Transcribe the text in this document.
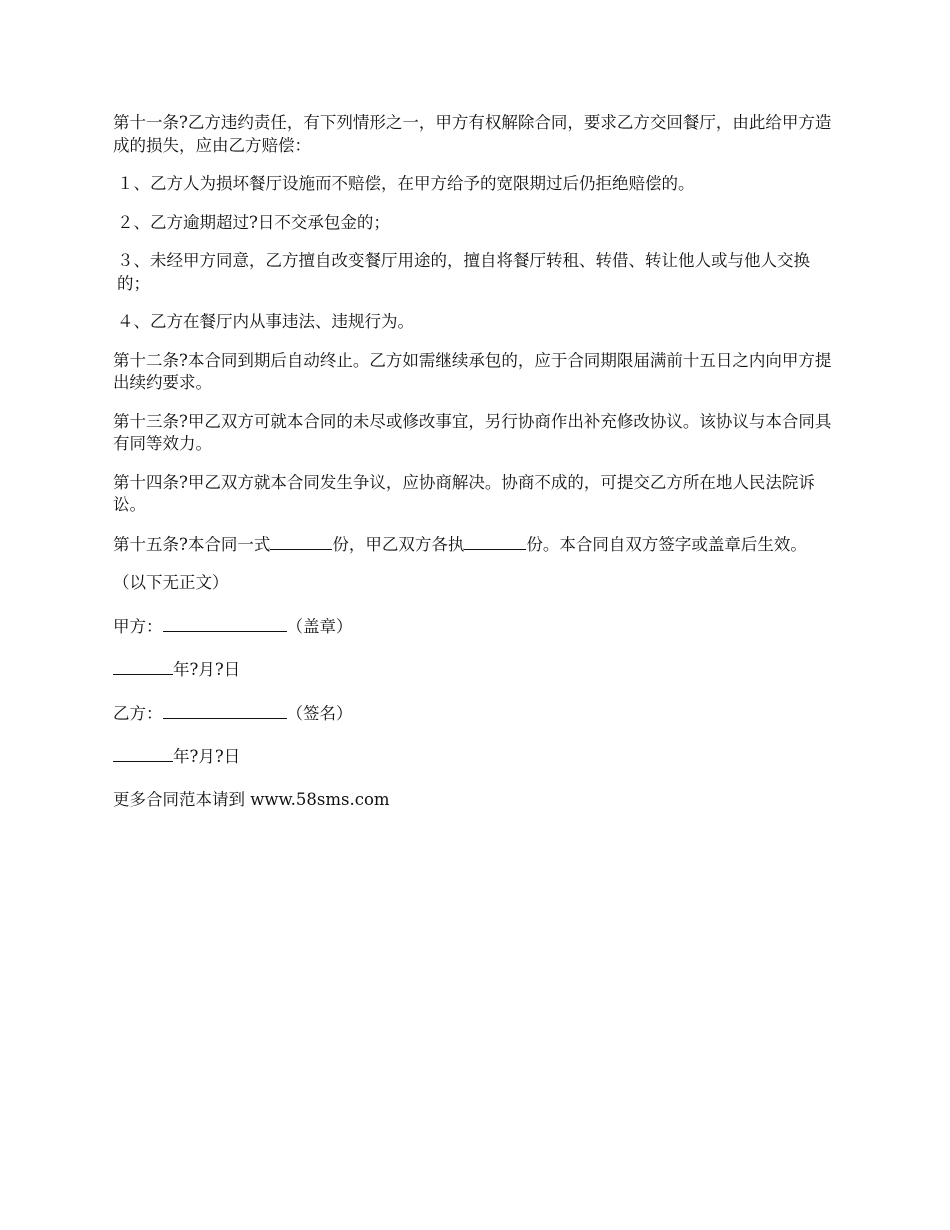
第十一条?乙方违约责任，有下列情形之一，甲方有权解除合同，要求乙方交回餐厅，由此给甲方造成的损失，应由乙方赔偿：

１、乙方人为损坏餐厅设施而不赔偿，在甲方给予的宽限期过后仍拒绝赔偿的。

２、乙方逾期超过?日不交承包金的；

３、未经甲方同意，乙方擅自改变餐厅用途的，擅自将餐厅转租、转借、转让他人或与他人交换的；

４、乙方在餐厅内从事违法、违规行为。

第十二条?本合同到期后自动终止。乙方如需继续承包的，应于合同期限届满前十五日之内向甲方提出续约要求。

第十三条?甲乙双方可就本合同的未尽或修改事宜，另行协商作出补充修改协议。该协议与本合同具有同等效力。

第十四条?甲乙双方就本合同发生争议，应协商解决。协商不成的，可提交乙方所在地人民法院诉讼。

第十五条?本合同一式	份，甲乙双方各执	份。本合同自双方签字或盖章后生效。

（以下无正文）

甲方：	（盖章）

年?月?日

乙方：	（签名）

年?月?日

更多合同范本请到 www.58sms.com
